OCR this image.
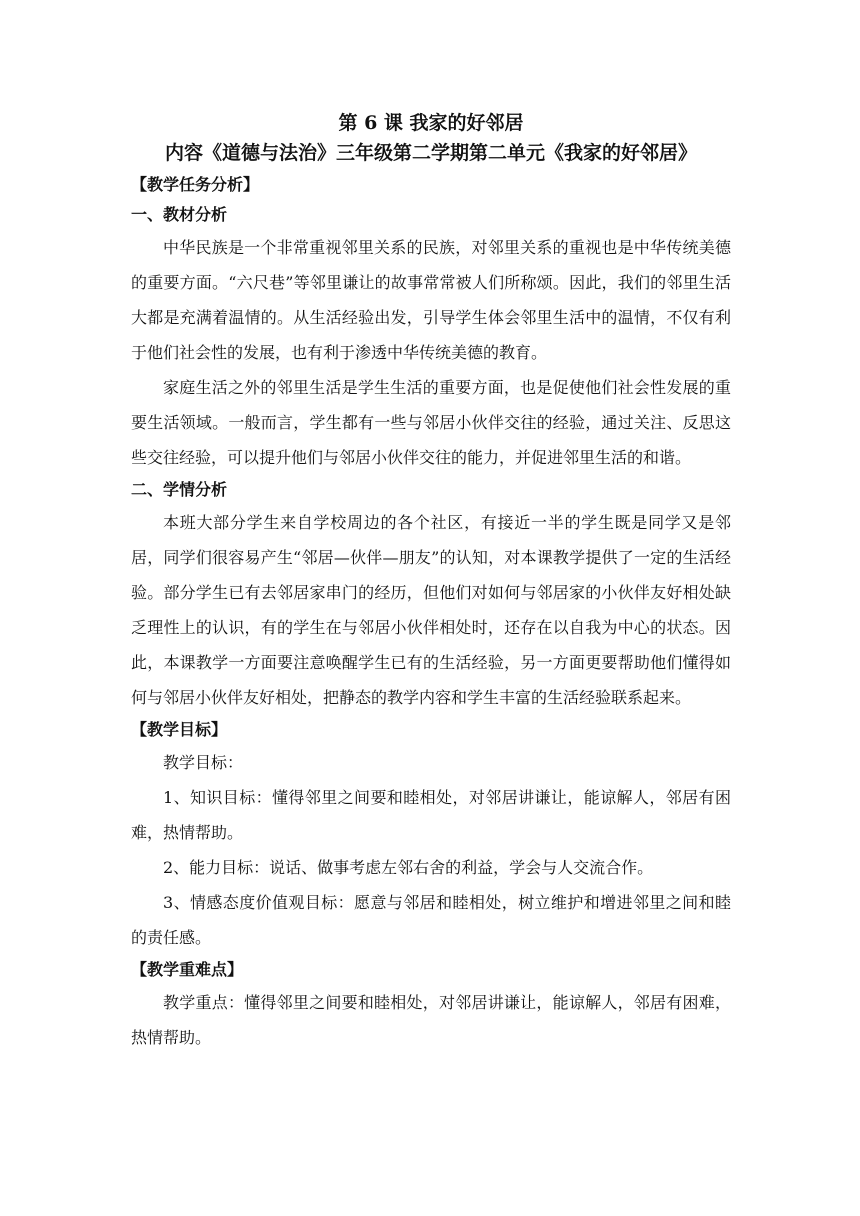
第 6 课 我家的好邻居
内容《道德与法治》三年级第二学期第二单元《我家的好邻居》
【教学任务分析】
一、教材分析

中华民族是一个非常重视邻里关系的民族，对邻里关系的重视也是中华传统美德的重要方面。“六尺巷”等邻里谦让的故事常常被人们所称颂。因此，我们的邻里生活大都是充满着温情的。从生活经验出发，引导学生体会邻里生活中的温情，不仅有利于他们社会性的发展，也有利于渗透中华传统美德的教育。

家庭生活之外的邻里生活是学生生活的重要方面，也是促使他们社会性发展的重要生活领域。一般而言，学生都有一些与邻居小伙伴交往的经验，通过关注、反思这些交往经验，可以提升他们与邻居小伙伴交往的能力，并促进邻里生活的和谐。

二、学情分析

本班大部分学生来自学校周边的各个社区，有接近一半的学生既是同学又是邻居，同学们很容易产生“邻居—伙伴—朋友”的认知，对本课教学提供了一定的生活经验。部分学生已有去邻居家串门的经历，但他们对如何与邻居家的小伙伴友好相处缺乏理性上的认识，有的学生在与邻居小伙伴相处时，还存在以自我为中心的状态。因此，本课教学一方面要注意唤醒学生已有的生活经验，另一方面更要帮助他们懂得如何与邻居小伙伴友好相处，把静态的教学内容和学生丰富的生活经验联系起来。

【教学目标】

教学目标：

1、知识目标：懂得邻里之间要和睦相处，对邻居讲谦让，能谅解人，邻居有困难，热情帮助。

2、能力目标：说话、做事考虑左邻右舍的利益，学会与人交流合作。

3、情感态度价值观目标：愿意与邻居和睦相处，树立维护和增进邻里之间和睦的责任感。

【教学重难点】

教学重点：懂得邻里之间要和睦相处，对邻居讲谦让，能谅解人，邻居有困难，热情帮助。
